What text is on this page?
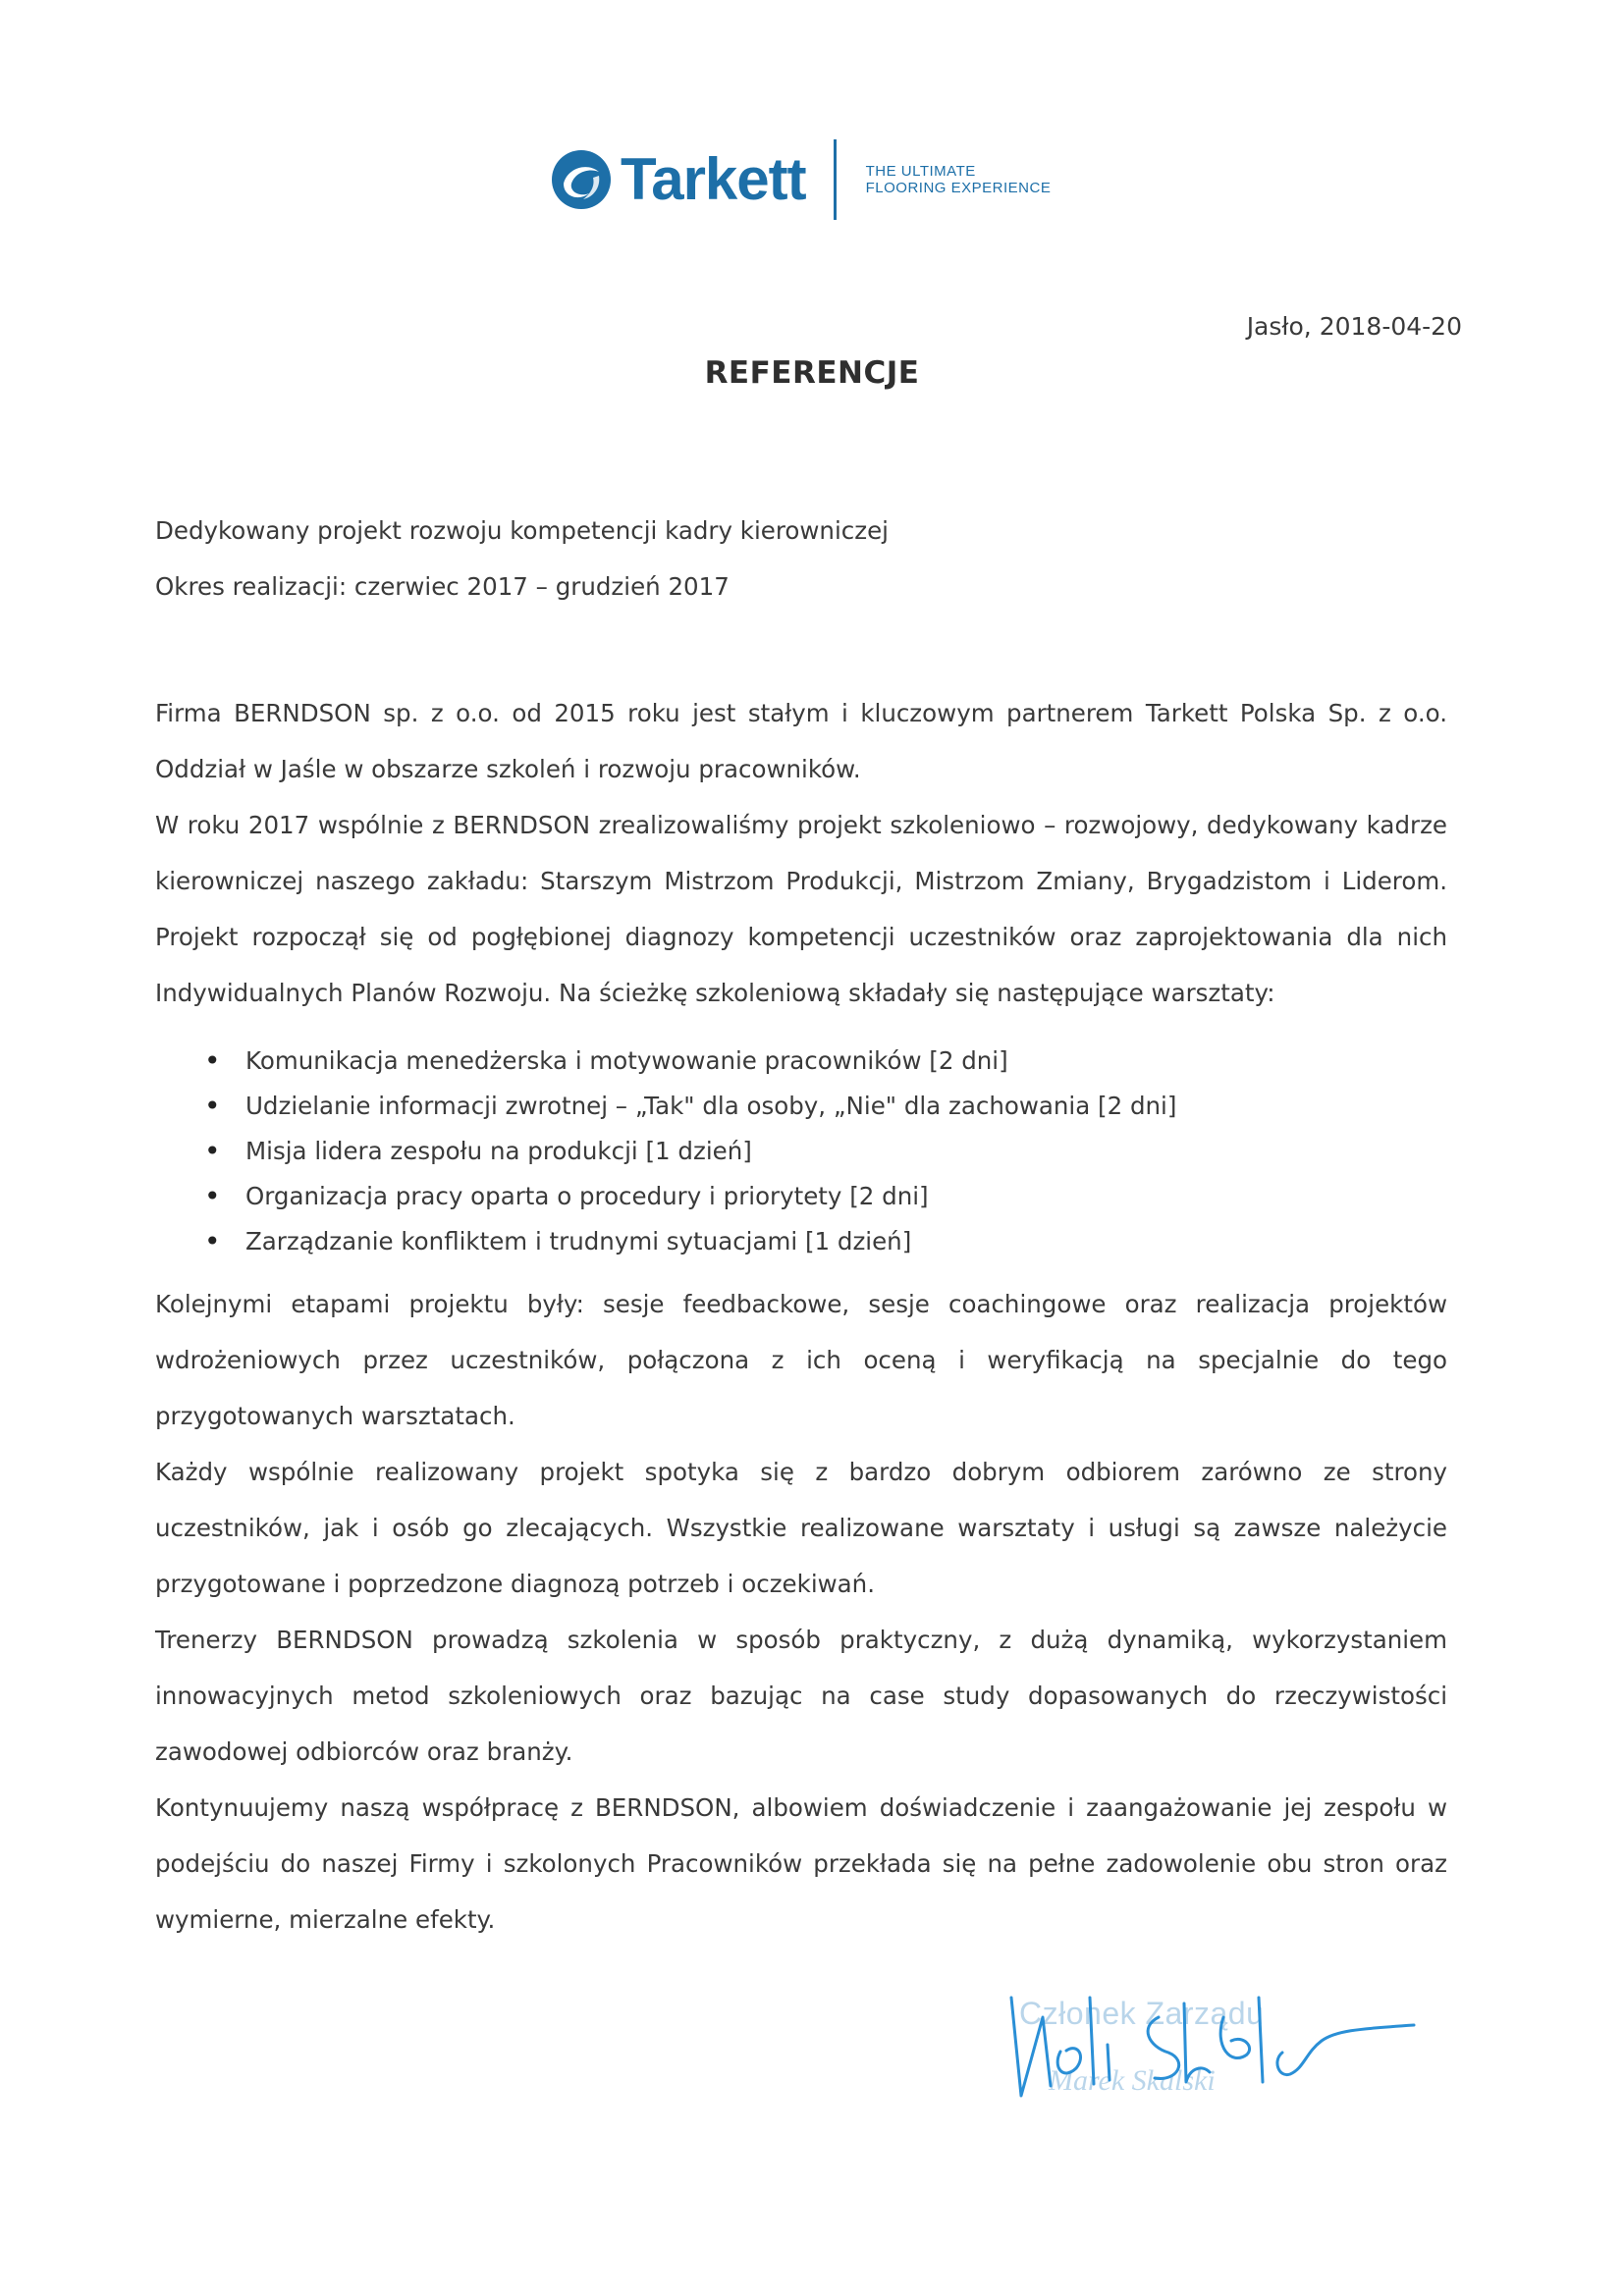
Tarkett	THE ULTIMATE
FLOORING EXPERIENCE
Jasło, 2018-04-20
REFERENCJE

Dedykowany projekt rozwoju kompetencji kadry kierowniczej

Okres realizacji: czerwiec 2017 – grudzień 2017

Firma BERNDSON sp. z o.o. od 2015 roku jest stałym i kluczowym partnerem Tarkett Polska Sp. z o.o. Oddział w Jaśle w obszarze szkoleń i rozwoju pracowników.

W roku 2017 wspólnie z BERNDSON zrealizowaliśmy projekt szkoleniowo – rozwojowy, dedykowany kadrze kierowniczej naszego zakładu: Starszym Mistrzom Produkcji, Mistrzom Zmiany, Brygadzistom i Liderom. Projekt rozpoczął się od pogłębionej diagnozy kompetencji uczestników oraz zaprojektowania dla nich Indywidualnych Planów Rozwoju. Na ścieżkę szkoleniową składały się następujące warsztaty:

• Komunikacja menedżerska i motywowanie pracowników [2 dni]
• Udzielanie informacji zwrotnej – „Tak" dla osoby, „Nie" dla zachowania [2 dni]
• Misja lidera zespołu na produkcji [1 dzień]
• Organizacja pracy oparta o procedury i priorytety [2 dni]
• Zarządzanie konfliktem i trudnymi sytuacjami [1 dzień]

Kolejnymi etapami projektu były: sesje feedbackowe, sesje coachingowe oraz realizacja projektów wdrożeniowych przez uczestników, połączona z ich oceną i weryfikacją na specjalnie do tego przygotowanych warsztatach.

Każdy wspólnie realizowany projekt spotyka się z bardzo dobrym odbiorem zarówno ze strony uczestników, jak i osób go zlecających. Wszystkie realizowane warsztaty i usługi są zawsze należycie przygotowane i poprzedzone diagnozą potrzeb i oczekiwań.

Trenerzy BERNDSON prowadzą szkolenia w sposób praktyczny, z dużą dynamiką, wykorzystaniem innowacyjnych metod szkoleniowych oraz bazując na case study dopasowanych do rzeczywistości zawodowej odbiorców oraz branży.

Kontynuujemy naszą współpracę z BERNDSON, albowiem doświadczenie i zaangażowanie jej zespołu w podejściu do naszej Firmy i szkolonych Pracowników przekłada się na pełne zadowolenie obu stron oraz wymierne, mierzalne efekty.

Członek Zarządu
Marek Skalski
